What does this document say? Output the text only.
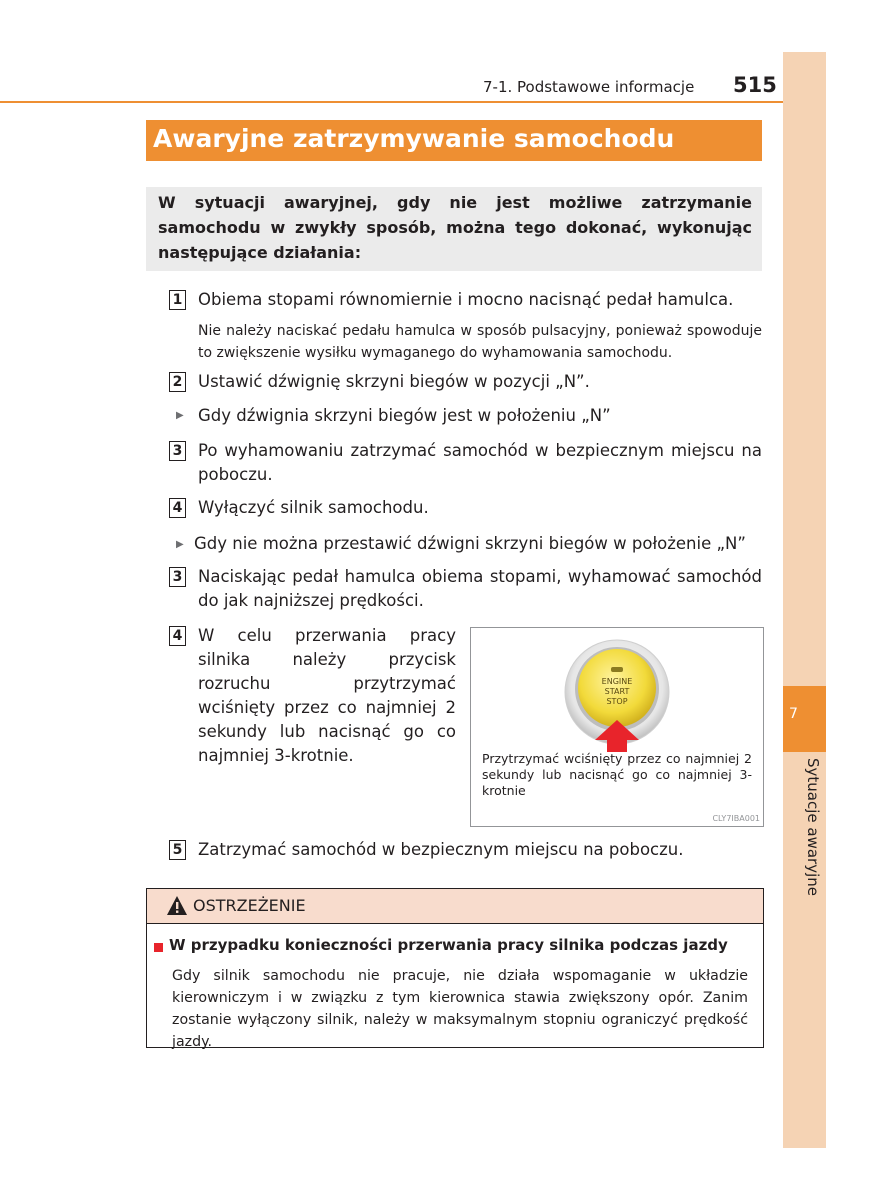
7
Sytuacje awaryjne
7-1. Podstawowe informacje 515
Awaryjne zatrzymywanie samochodu

W sytuacji awaryjnej, gdy nie jest możliwe zatrzymanie samochodu w zwykły sposób, można tego dokonać, wykonując następujące działania:

1 Obiema stopami równomiernie i mocno nacisnąć pedał hamulca.
Nie należy naciskać pedału hamulca w sposób pulsacyjny, ponieważ spowoduje to zwiększenie wysiłku wymaganego do wyhamowania samochodu.
2 Ustawić dźwignię skrzyni biegów w pozycji „N”.
▶ Gdy dźwignia skrzyni biegów jest w położeniu „N”
3 Po wyhamowaniu zatrzymać samochód w bezpiecznym miejscu na poboczu.
4 Wyłączyć silnik samochodu.
▶ Gdy nie można przestawić dźwigni skrzyni biegów w położenie „N”
3 Naciskając pedał hamulca obiema stopami, wyhamować samochód do jak najniższej prędkości.
4 W celu przerwania pracy silnika należy przycisk rozruchu przytrzymać wciśnięty przez co najmniej 2 sekundy lub nacisnąć go co najmniej 3-krotnie.
ENGINE
START
STOP
Przytrzymać wciśnięty przez co najmniej 2 sekundy lub nacisnąć go co najmniej 3-krotnie
CLY7IBA001
5 Zatrzymać samochód w bezpiecznym miejscu na poboczu.
OSTRZEŻENIE
W przypadku konieczności przerwania pracy silnika podczas jazdy
Gdy silnik samochodu nie pracuje, nie działa wspomaganie w układzie kierowniczym i w związku z tym kierownica stawia zwiększony opór. Zanim zostanie wyłączony silnik, należy w maksymalnym stopniu ograniczyć prędkość jazdy.
